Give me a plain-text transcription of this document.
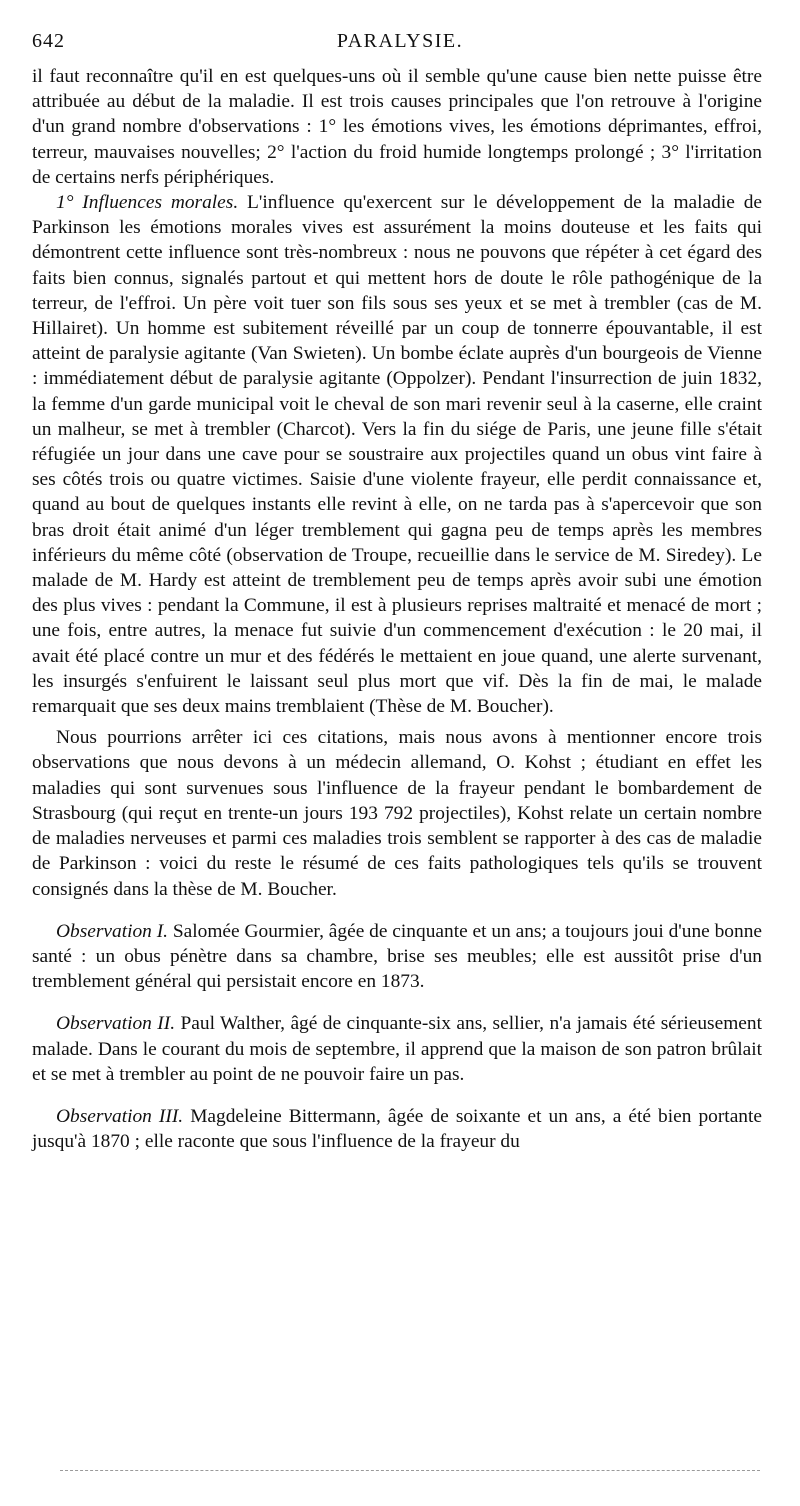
642	PARALYSIE.

il faut reconnaître qu'il en est quelques-uns où il semble qu'une cause bien nette puisse être attribuée au début de la maladie. Il est trois causes principales que l'on retrouve à l'origine d'un grand nombre d'observations : 1° les émotions vives, les émotions déprimantes, effroi, terreur, mauvaises nouvelles; 2° l'action du froid humide longtemps prolongé ; 3° l'irritation de certains nerfs périphériques.

1° Influences morales. L'influence qu'exercent sur le développement de la maladie de Parkinson les émotions morales vives est assurément la moins douteuse et les faits qui démontrent cette influence sont très-nombreux : nous ne pouvons que répéter à cet égard des faits bien connus, signalés partout et qui mettent hors de doute le rôle pathogénique de la terreur, de l'effroi. Un père voit tuer son fils sous ses yeux et se met à trembler (cas de M. Hillairet). Un homme est subitement réveillé par un coup de tonnerre épouvantable, il est atteint de paralysie agitante (Van Swieten). Un bombe éclate auprès d'un bourgeois de Vienne : immédiatement début de paralysie agitante (Oppolzer). Pendant l'insurrection de juin 1832, la femme d'un garde municipal voit le cheval de son mari revenir seul à la caserne, elle craint un malheur, se met à trembler (Charcot). Vers la fin du siége de Paris, une jeune fille s'était réfugiée un jour dans une cave pour se soustraire aux projectiles quand un obus vint faire à ses côtés trois ou quatre victimes. Saisie d'une violente frayeur, elle perdit connaissance et, quand au bout de quelques instants elle revint à elle, on ne tarda pas à s'apercevoir que son bras droit était animé d'un léger tremblement qui gagna peu de temps après les membres inférieurs du même côté (observation de Troupe, recueillie dans le service de M. Siredey). Le malade de M. Hardy est atteint de tremblement peu de temps après avoir subi une émotion des plus vives : pendant la Commune, il est à plusieurs reprises maltraité et menacé de mort ; une fois, entre autres, la menace fut suivie d'un commencement d'exécution : le 20 mai, il avait été placé contre un mur et des fédérés le mettaient en joue quand, une alerte survenant, les insurgés s'enfuirent le laissant seul plus mort que vif. Dès la fin de mai, le malade remarquait que ses deux mains tremblaient (Thèse de M. Boucher).

Nous pourrions arrêter ici ces citations, mais nous avons à mentionner encore trois observations que nous devons à un médecin allemand, O. Kohst ; étudiant en effet les maladies qui sont survenues sous l'influence de la frayeur pendant le bombardement de Strasbourg (qui reçut en trente-un jours 193 792 projectiles), Kohst relate un certain nombre de maladies nerveuses et parmi ces maladies trois semblent se rapporter à des cas de maladie de Parkinson : voici du reste le résumé de ces faits pathologiques tels qu'ils se trouvent consignés dans la thèse de M. Boucher.

Observation I. Salomée Gourmier, âgée de cinquante et un ans; a toujours joui d'une bonne santé : un obus pénètre dans sa chambre, brise ses meubles; elle est aussitôt prise d'un tremblement général qui persistait encore en 1873.

Observation II. Paul Walther, âgé de cinquante-six ans, sellier, n'a jamais été sérieusement malade. Dans le courant du mois de septembre, il apprend que la maison de son patron brûlait et se met à trembler au point de ne pouvoir faire un pas.

Observation III. Magdeleine Bittermann, âgée de soixante et un ans, a été bien portante jusqu'à 1870 ; elle raconte que sous l'influence de la frayeur du
